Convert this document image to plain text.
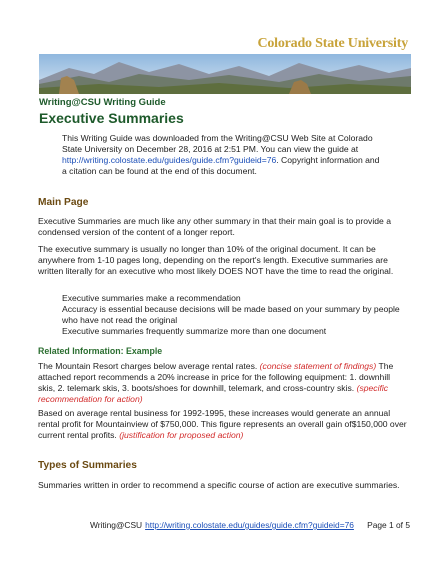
Colorado State University
Writing@CSU Writing Guide
Executive Summaries
This Writing Guide was downloaded from the Writing@CSU Web Site at Colorado State University on December 28, 2016 at 2:51 PM. You can view the guide at http://writing.colostate.edu/guides/guide.cfm?guideid=76. Copyright information and a citation can be found at the end of this document.
Main Page
Executive Summaries are much like any other summary in that their main goal is to provide a condensed version of the content of a longer report.
The executive summary is usually no longer than 10% of the original document. It can be anywhere from 1-10 pages long, depending on the report's length. Executive summaries are written literally for an executive who most likely DOES NOT have the time to read the original.
Executive summaries make a recommendation
Accuracy is essential because decisions will be made based on your summary by people who have not read the original
Executive summaries frequently summarize more than one document
Related Information: Example
The Mountain Resort charges below average rental rates. (concise statement of findings) The attached report recommends a 20% increase in price for the following equipment: 1. downhill skis, 2. telemark skis, 3. boots/shoes for downhill, telemark, and cross-country skis. (specific recommendation for action)
Based on average rental business for 1992-1995, these increases would generate an annual rental profit for Mountainview of $750,000. This figure represents an overall gain of$150,000 over current rental profits. (justification for proposed action)
Types of Summaries
Summaries written in order to recommend a specific course of action are executive summaries.
Writing@CSU http://writing.colostate.edu/guides/guide.cfm?guideid=76 Page 1 of 5
